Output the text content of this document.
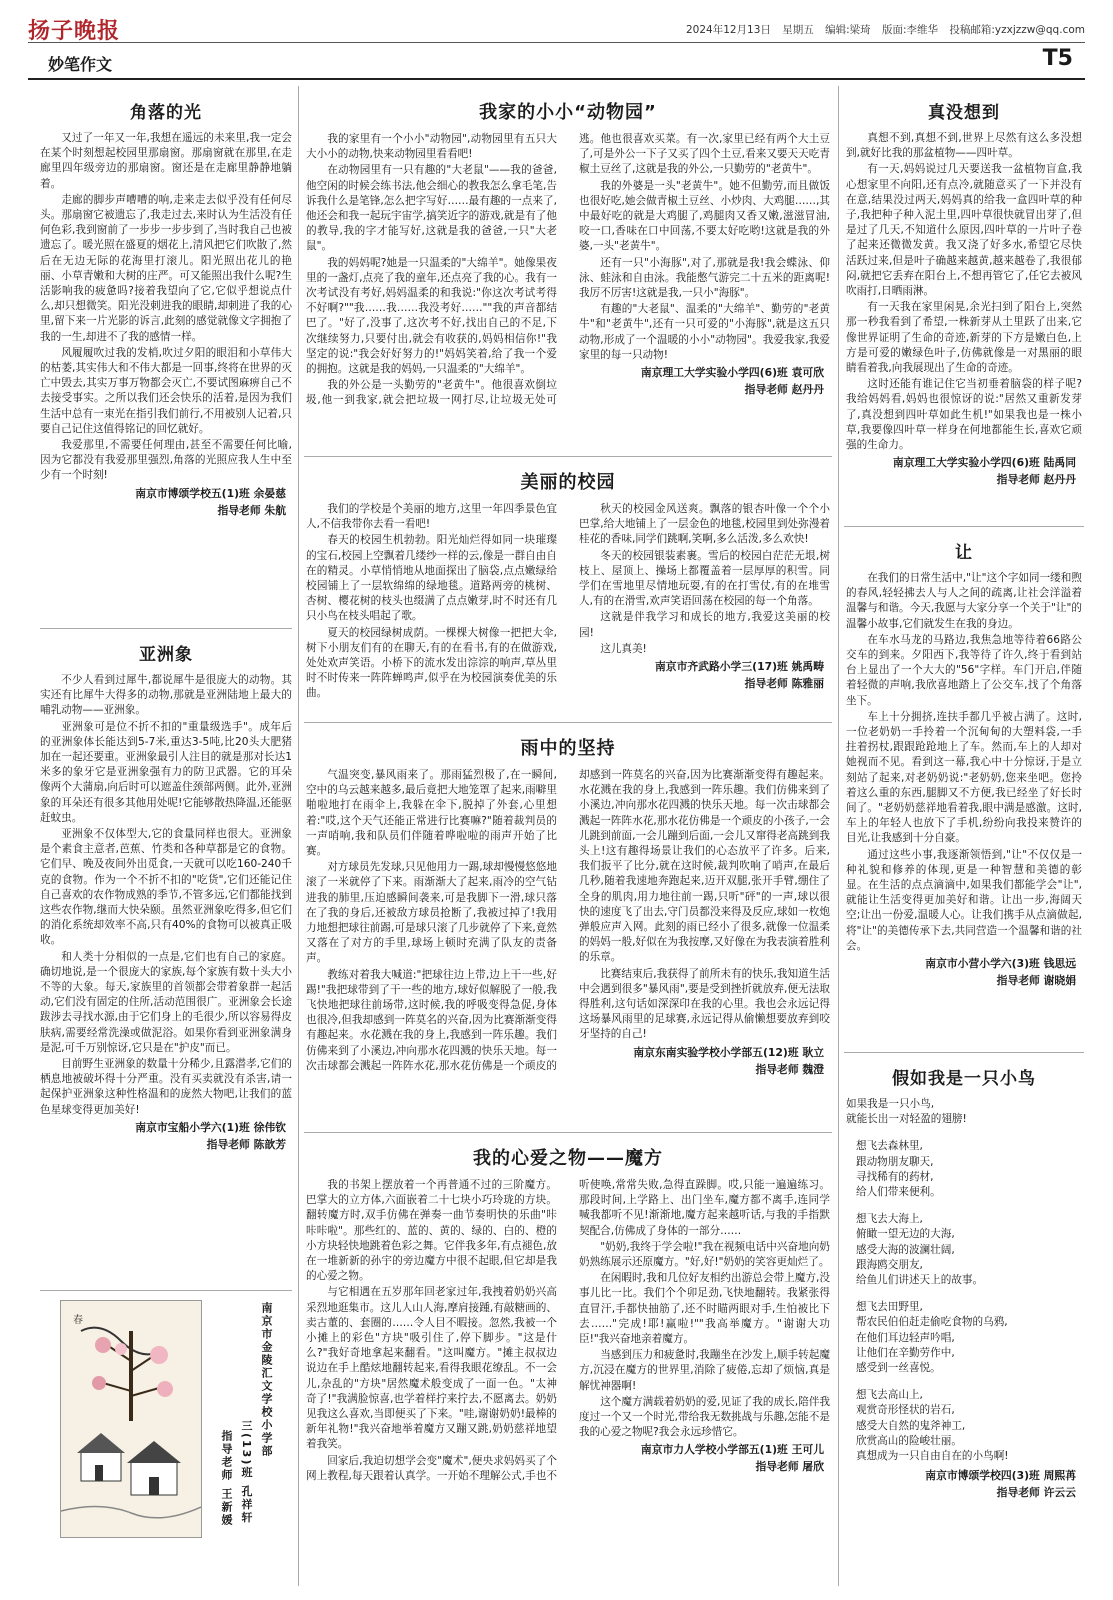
扬子晚报	2024年12月13日 星期五 编辑:梁琦 版面:李维华 投稿邮箱:yzxjzzw@qq.com
妙笔作文	T5
角落的光

又过了一年又一年,我想在遥远的未来里,我一定会在某个时刻想起校园里那扇窗。那扇窗就在那里,在走廊里四年级旁边的那扇窗。窗还是在走廊里静静地躺着。

走廊的脚步声嘈嘈的响,走来走去似乎没有任何尽头。那扇窗它被遗忘了,我走过去,来时认为生活没有任何色彩,我到窗前了一步步一步步到了,当时我自己也被遗忘了。暖光照在盛夏的烟花上,清风把它们吹散了,然后在无边无际的花海里打滚儿。阳光照出花儿的艳丽、小草青嫩和大树的庄严。可又能照出我什么呢?生活影响我的疲惫吗?接着我望向了它,它似乎想说点什么,却只想微笑。阳光没刺进我的眼睛,却刺进了我的心里,留下来一片光影的诉言,此刻的感觉就像文字拥抱了我的一生,却进不了我的感情一样。

风履履吹过我的发梢,吹过夕阳的眼泪和小草伟大的枯萎,其实伟大和不伟大都是一回事,终将在世界的灭亡中毁去,其实万事万物都会灭亡,不要试图麻痹自己不去接受事实。之所以我们还会快乐的活着,是因为我们生活中总有一束光在指引我们前行,不用被别人记着,只要自己记住这值得铭记的回忆就好。

我爱那里,不需要任何理由,甚至不需要任何比喻,因为它都没有我爱那里强烈,角落的光照应我人生中至少有一个时刻!

南京市博颂学校五(1)班 余晏慈
指导老师 朱航
亚洲象

不少人看到过犀牛,都说犀牛是很庞大的动物。其实还有比犀牛大得多的动物,那就是亚洲陆地上最大的哺乳动物——亚洲象。

亚洲象可是位不折不扣的"重量级选手"。成年后的亚洲象体长能达到5-7米,重达3-5吨,比20头大肥猪加在一起还要重。亚洲象最引人注目的就是那对长达1米多的象牙它是亚洲象强有力的防卫武器。它的耳朵像两个大蒲扇,向后时可以遮盖住颈部两侧。此外,亚洲象的耳朵还有很多其他用处呢!它能够散热降温,还能驱赶蚊虫。

亚洲象不仅体型大,它的食量同样也很大。亚洲象是个素食主意者,芭蕉、竹类和各种草都是它的食物。它们早、晚及夜间外出觅食,一天就可以吃160-240千克的食物。作为一个不折不扣的"吃货",它们还能记住自己喜欢的农作物成熟的季节,不管多远,它们都能找到这些农作物,继而大快朵颐。虽然亚洲象吃得多,但它们的消化系统却效率不高,只有40%的食物可以被真正吸收。

和人类十分相似的一点是,它们也有自己的家庭。确切地说,是一个很庞大的家族,每个家族有数十头大小不等的大象。每天,家族里的首领都会带着象群一起活动,它们没有固定的住所,活动范围很广。亚洲象会长途跋涉去寻找水源,由于它们身上的毛很少,所以容易得皮肤病,需要经常洗澡或做泥浴。如果你看到亚洲象满身是泥,可千万别惊讶,它只是在"护皮"而已。

目前野生亚洲象的数量十分稀少,且露潜孝,它们的栖息地被破坏得十分严重。没有买卖就没有杀害,请一起保护亚洲象这种性格温和的庞然大物吧,让我们的蓝色星球变得更加美好!

南京市宝船小学六(1)班 徐伟钦
指导老师 陈歆芳
春	南京市金陵汇文学校小学部
三(13)班 孔祥轩
指导老师 王新媛
我家的小小“动物园”

我的家里有一个小小"动物园",动物园里有五只大大小小的动物,快来动物园里看看吧!

在动物园里有一只有趣的"大老鼠"——我的爸爸,他空闲的时候会练书法,他会细心的教我怎么拿毛笔,告诉我什么是笔锋,怎么把字写好……最有趣的一点来了,他还会和我一起玩宇宙学,搞笑近字的游戏,就是有了他的教导,我的字才能写好,这就是我的爸爸,一只"大老鼠"。

我的妈妈呢?她是一只温柔的"大绵羊"。她像果夜里的一盏灯,点亮了我的童年,还点亮了我的心。我有一次考试没有考好,妈妈温柔的和我说:"你这次考试考得不好啊?""我……我……我没考好……""我的声音都结巴了。"好了,没事了,这次考不好,找出自己的不足,下次继续努力,只要付出,就会有收获的,妈妈相信你!"我坚定的说:"我会好好努力的!"妈妈笑着,给了我一个爱的拥抱。这就是我的妈妈,一只温柔的"大绵羊"。

我的外公是一头勤劳的"老黄牛"。他很喜欢倒垃圾,他一到我家,就会把垃圾一网打尽,让垃圾无处可逃。他也很喜欢买菜。有一次,家里已经有两个大土豆了,可是外公一下子又买了四个土豆,看来又要天天吃青椒土豆丝了,这就是我的外公,一只勤劳的"老黄牛"。

我的外婆是一头"老黄牛"。她不但勤劳,而且做饭也很好吃,她会做青椒土豆丝、小炒肉、大鸡腿……,其中最好吃的就是大鸡腿了,鸡腿肉又香又嫩,滋滋冒油,咬一口,香味在口中回荡,不要太好吃哟!这就是我的外婆,一头"老黄牛"。

还有一只"小海豚",对了,那就是我!我会蝶泳、仰泳、蛙泳和自由泳。我能憋气游完二十五米的距离呢!我厉不厉害!这就是我,一只小"海豚"。

有趣的"大老鼠"、温柔的"大绵羊"、勤劳的"老黄牛"和"老黄牛",还有一只可爱的"小海豚",就是这五只动物,形成了一个温暖的小小"动物园"。我爱我家,我爱家里的每一只动物!

南京理工大学实验小学四(6)班 袁可欣
指导老师 赵丹丹
美丽的校园

我们的学校是个美丽的地方,这里一年四季景色宜人,不信我带你去看一看吧!

春天的校园生机勃勃。阳光灿烂得如同一块璀璨的宝石,校园上空飘着几缕纱一样的云,像是一群自由自在的精灵。小草悄悄地从地面探出了脑袋,点点嫩绿给校园铺上了一层软绵绵的绿地毯。道路两旁的桃树、杏树、樱花树的枝头也缀满了点点嫩芽,时不时还有几只小鸟在枝头唱起了歌。

夏天的校园绿树成荫。一棵棵大树像一把把大伞,树下小朋友们有的在聊天,有的在看书,有的在做游戏,处处欢声笑语。小桥下的流水发出淙淙的响声,草丛里时不时传来一阵阵蝉鸣声,似乎在为校园演奏优美的乐曲。

秋天的校园金风送爽。飘落的银杏叶像一个个小巴掌,给大地铺上了一层金色的地毯,校园里到处弥漫着桂花的香味,同学们跳啊,笑啊,多么活泼,多么欢快!

冬天的校园银装素裹。雪后的校园白茫茫无垠,树枝上、屋顶上、操场上都覆盖着一层厚厚的积雪。同学们在雪地里尽情地玩耍,有的在打雪仗,有的在堆雪人,有的在滑雪,欢声笑语回荡在校园的每一个角落。

这就是伴我学习和成长的地方,我爱这美丽的校园!

这儿真美!

南京市齐武路小学三(17)班 姚禹畴
指导老师 陈雅丽
雨中的坚持

气温突变,暴风雨来了。那雨猛烈极了,在一瞬间,空中的乌云越来越多,最后竟把大地笼罩了起来,雨噼里啪啦地打在雨伞上,我躲在伞下,脱掉了外套,心里想着:"哎,这个天气还能正常进行比赛嘛?"随着裁判员的一声哨响,我和队员们伴随着哗啦啦的雨声开始了比赛。

对方球员先发球,只见他用力一踢,球却慢慢悠悠地滚了一米就停了下来。雨渐渐大了起来,雨冷的空气钻进我的肺里,压迫感瞬间袭来,可是我脚下一滑,球只落在了我的身后,还被敌方球员抢断了,我被过掉了!我用力地想把球往前踢,可是球只滚了几步就停了下来,竟然又落在了对方的手里,球场上顿时充满了队友的责备声。

教练对着我大喊道:"把球往边上带,边上干一些,好踢!"我把球带到了干一些的地方,球好似解脱了一般,我飞快地把球往前场带,这时候,我的呼吸变得急促,身体也很冷,但我却感到一阵莫名的兴奋,因为比赛渐渐变得有趣起来。水花溅在我的身上,我感到一阵乐趣。我们仿佛来到了小溪边,冲向那水花四溅的快乐天地。每一次击球都会溅起一阵阵水花,那水花仿佛是一个顽皮的却感到一阵莫名的兴奋,因为比赛渐渐变得有趣起来。水花溅在我的身上,我感到一阵乐趣。我们仿佛来到了小溪边,冲向那水花四溅的快乐天地。每一次击球都会溅起一阵阵水花,那水花仿佛是一个顽皮的小孩子,一会儿跳到前面,一会儿蹦到后面,一会儿又窜得老高跳到我头上!这有趣得场景让我们的心态放平了许多。后来,我们扳平了比分,就在这时候,裁判吹响了哨声,在最后几秒,随着我速地奔跑起来,迈开双腿,张开手臂,绷住了全身的肌肉,用力地往前一踢,只听"砰"的一声,球以很快的速度飞了出去,守门员都没来得及反应,球如一枚炮弹般应声入网。此刻的雨已经小了很多,就像一位温柔的妈妈一般,好似在为我按摩,又好像在为我表演着胜利的乐章。

比赛结束后,我获得了前所未有的快乐,我知道生活中会遇到很多"暴风雨",要是受到挫折就放弃,便无法取得胜利,这句话如深深印在我的心里。我也会永远记得这场暴风雨里的足球赛,永远记得从偷懒想要放弃到咬牙坚持的自己!

南京东南实验学校小学部五(12)班 耿立
指导老师 魏澄
我的心爱之物——魔方

我的书架上摆放着一个再普通不过的三阶魔方。巴掌大的立方体,六面嵌着二十七块小巧玲珑的方块。翻转魔方时,双手仿佛在弹奏一曲节奏明快的乐曲"咔咔咔啦"。那些红的、蓝的、黄的、绿的、白的、橙的小方块轻快地跳着色彩之舞。它伴我多年,有点褪色,放在一堆新新的孙宇的旁边魔方中很不起眼,但它却是我的心爱之物。

与它相遇在五岁那年回老家过年,我拽着奶奶兴高采烈地逛集市。这儿人山人海,摩肩接踵,有敲糖画的、卖古董的、套圈的……令人目不暇接。忽然,我被一个小摊上的彩色"方块"吸引住了,停下脚步。"这是什么?"我好奇地拿起来翻看。"这叫魔方。"摊主叔叔边说边在手上酷炫地翻转起来,看得我眼花缭乱。不一会儿,杂乱的"方块"居然魔术般变成了一面一色。"太神奇了!"我满脸惊喜,也学着样拧来拧去,不愿离去。奶奶见我这么喜欢,当即便买了下来。"哇,谢谢奶奶!最棒的新年礼物!"我兴奋地举着魔方又蹦又跳,奶奶慈祥地望着我笑。

回家后,我迫切想学会变"魔术",便央求妈妈买了个网上教程,每天跟着认真学。一开始不理解公式,手也不听使唤,常常失败,急得直跺脚。哎,只能一遍遍练习。那段时间,上学路上、出门坐车,魔方都不离手,连同学喊我都听不见!渐渐地,魔方起来越听话,与我的手指默契配合,仿佛成了身体的一部分……

"奶奶,我终于学会啦!"我在视频电话中兴奋地向奶奶熟练展示还原魔方。"好,好!"奶奶的笑容更灿烂了。

在闲暇时,我和几位好友相约出游总会带上魔方,没事儿比一比。我们个个卯足劲,飞快地翻转。我紧张得直冒汗,手都快抽筋了,还不时瞄两眼对手,生怕被比下去……"完成!耶!赢啦!""我高举魔方。"谢谢大功臣!"我兴奋地亲着魔方。

当感到压力和疲惫时,我蹦坐在沙发上,顺手转起魔方,沉浸在魔方的世界里,消除了疲倦,忘却了烦恼,真是解忧神器啊!

这个魔方满载着奶奶的爱,见证了我的成长,陪伴我度过一个又一个时光,带给我无数挑战与乐趣,怎能不是我的心爱之物呢?我会永远珍惜它。

南京市力人学校小学部五(1)班 王可儿
指导老师 屠欣
真没想到

真想不到,真想不到,世界上尽然有这么多没想到,就好比我的那盆植物——四叶草。

有一天,妈妈说过几天要送我一盆植物盲盒,我心想家里不向阳,还有点冷,就随意买了一下并没有在意,结果没过两天,妈妈真的给我一盒四叶草的种子,我把种子种入泥土里,四叶草很快就冒出芽了,但是过了几天,不知道什么原因,四叶草的一片叶子卷了起来还微微发黄。我又浇了好多水,希望它尽快活跃过来,但是叶子确越来越黄,越来越卷了,我很郁闷,就把它丢弃在阳台上,不想再管它了,任它去被风吹雨打,日晒雨淋。

有一天我在家里闲晃,余光扫到了阳台上,突然那一秒我看到了希望,一株新芽从土里跃了出来,它像世界证明了生命的奇迹,新芽的下方是嫩白色,上方是可爱的嫩绿色叶子,仿佛就像是一对黑丽的眼睛看着我,向我展现出了生命的奇迹。

这时还能有谁记住它当初垂着脑袋的样子呢?我给妈妈看,妈妈也很惊讶的说:"居然又重新发芽了,真没想到四叶草如此生机!"如果我也是一株小草,我要像四叶草一样身在何地都能生长,喜欢它顽强的生命力。

南京理工大学实验小学四(6)班 陆禹同
指导老师 赵丹丹
让

在我们的日常生活中,"让"这个字如同一缕和煦的春风,轻轻拂去人与人之间的疏离,让社会洋溢着温馨与和谐。今天,我愿与大家分享一个关于"让"的温馨小故事,它们就发生在我的身边。

在车水马龙的马路边,我焦急地等待着66路公交车的到来。夕阳西下,我等待了许久,终于看到站台上显出了一个大大的"56"字样。车门开启,伴随着轻微的声响,我欣喜地踏上了公交车,找了个角落坐下。

车上十分拥挤,连扶手都几乎被占满了。这时,一位老奶奶一手拎着一个沉甸甸的大塑料袋,一手拄着拐杖,跟跟跄跄地上了车。然而,车上的人却对她视而不见。看到这一幕,我心中十分惊讶,于是立刻站了起来,对老奶奶说:"老奶奶,您来坐吧。您拎着这么重的东西,腿脚又不方便,我已经坐了好长时间了。"老奶奶慈祥地看着我,眼中满是感激。这时,车上的年轻人也放下了手机,纷纷向我投来赞许的目光,让我感到十分自豪。

通过这些小事,我逐渐领悟到,"让"不仅仅是一种礼貌和修养的体现,更是一种智慧和美德的彰显。在生活的点点滴滴中,如果我们都能学会"让",就能让生活变得更加美好和谐。让出一步,海阔天空;让出一份爱,温暖人心。让我们携手从点滴做起,将"让"的美德传承下去,共同营造一个温馨和谐的社会。

南京市小营小学六(3)班 钱思远
指导老师 谢晓娟
假如我是一只小鸟
如果我是一只小鸟,
就能长出一对轻盈的翅膀!
想飞去森林里,
跟动物朋友聊天,
寻找稀有的药材,
给人们带来便利。
想飞去大海上,
俯瞰一望无边的大海,
感受大海的波澜壮阔,
跟海鸥交朋友,
给鱼儿们讲述天上的故事。
想飞去田野里,
帮农民伯伯赶走偷吃食物的乌鸦,
在他们耳边轻声吟唱,
让他们在辛勤劳作中,
感受到一丝喜悦。
想飞去高山上,
观赏奇形怪状的岩石,
感受大自然的鬼斧神工,
欣赏高山的险峻壮丽。
真想成为一只自由自在的小鸟啊!
南京市博颂学校四(3)班 周熙苒
指导老师 许云云
